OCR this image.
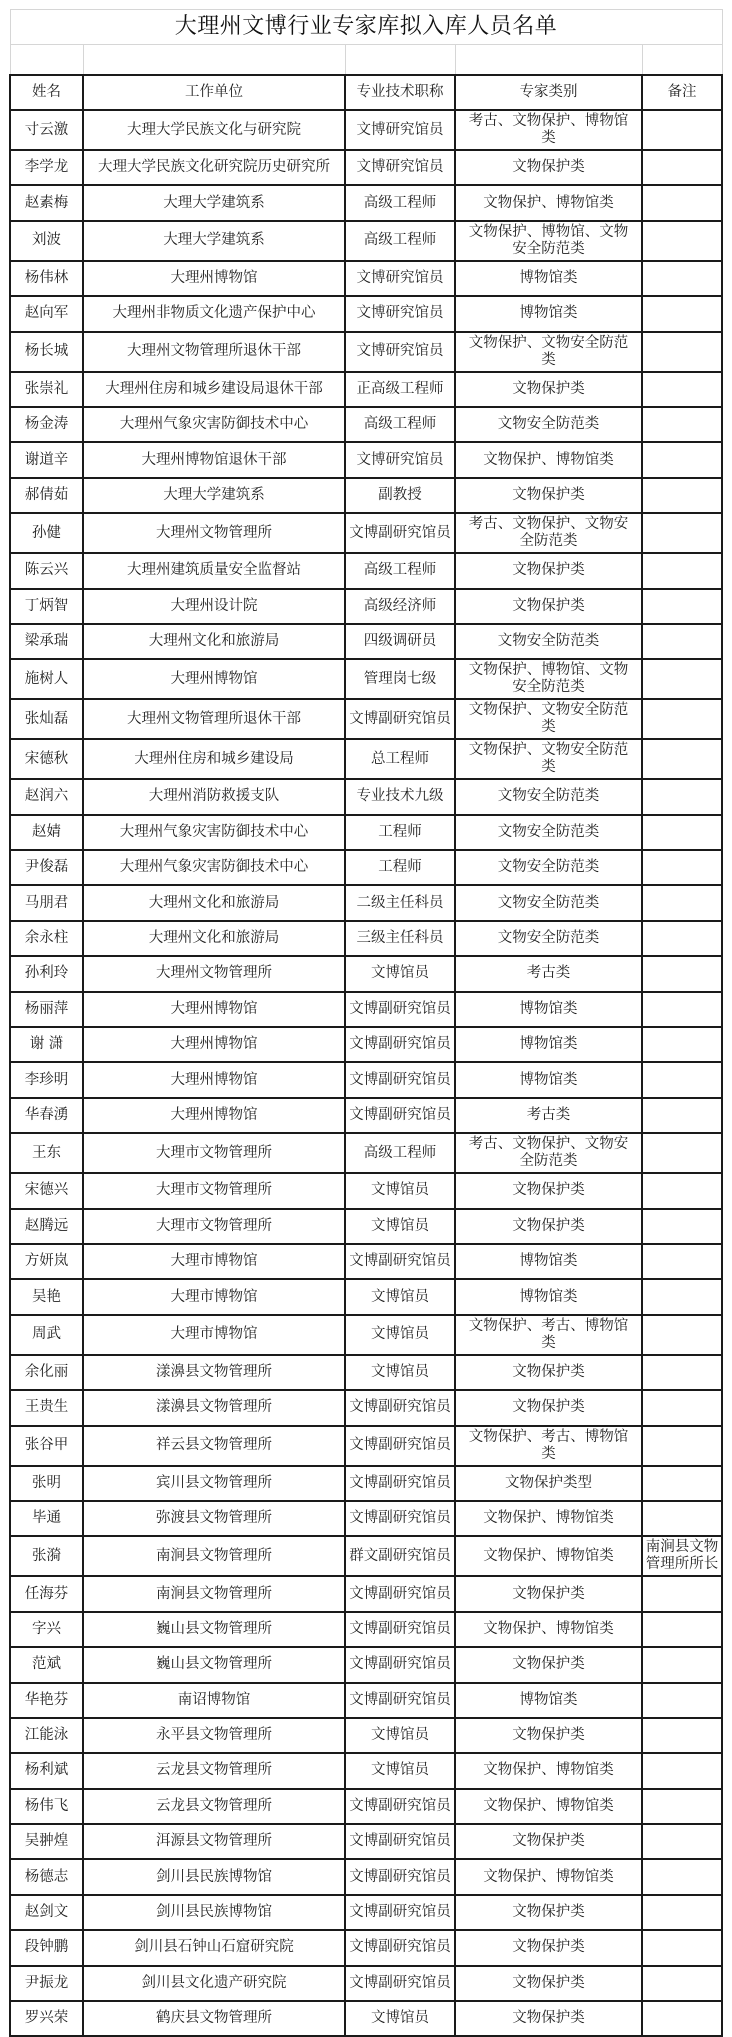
大理州文博行业专家库拟入库人员名单				

姓名	工作单位	专业技术职称	专家类别	备注
寸云激	大理大学民族文化与研究院	文博研究馆员	考古、文物保护、博物馆类	
李学龙	大理大学民族文化研究院历史研究所	文博研究馆员	文物保护类	
赵素梅	大理大学建筑系	高级工程师	文物保护、博物馆类	
刘波	大理大学建筑系	高级工程师	文物保护、博物馆、文物安全防范类	
杨伟林	大理州博物馆	文博研究馆员	博物馆类	
赵向军	大理州非物质文化遗产保护中心	文博研究馆员	博物馆类	
杨长城	大理州文物管理所退休干部	文博研究馆员	文物保护、文物安全防范类	
张崇礼	大理州住房和城乡建设局退休干部	正高级工程师	文物保护类	
杨金涛	大理州气象灾害防御技术中心	高级工程师	文物安全防范类	
谢道辛	大理州博物馆退休干部	文博研究馆员	文物保护、博物馆类	
郝倩茹	大理大学建筑系	副教授	文物保护类	
孙健	大理州文物管理所	文博副研究馆员	考古、文物保护、文物安全防范类	
陈云兴	大理州建筑质量安全监督站	高级工程师	文物保护类	
丁炳智	大理州设计院	高级经济师	文物保护类	
梁承瑞	大理州文化和旅游局	四级调研员	文物安全防范类	
施树人	大理州博物馆	管理岗七级	文物保护、博物馆、文物安全防范类	
张灿磊	大理州文物管理所退休干部	文博副研究馆员	文物保护、文物安全防范类	
宋德秋	大理州住房和城乡建设局	总工程师	文物保护、文物安全防范类	
赵润六	大理州消防救援支队	专业技术九级	文物安全防范类	
赵婧	大理州气象灾害防御技术中心	工程师	文物安全防范类	
尹俊磊	大理州气象灾害防御技术中心	工程师	文物安全防范类	
马朋君	大理州文化和旅游局	二级主任科员	文物安全防范类	
余永柱	大理州文化和旅游局	三级主任科员	文物安全防范类	
孙利玲	大理州文物管理所	文博馆员	考古类	
杨丽萍	大理州博物馆	文博副研究馆员	博物馆类	
谢 潇	大理州博物馆	文博副研究馆员	博物馆类	
李珍明	大理州博物馆	文博副研究馆员	博物馆类	
华春湧	大理州博物馆	文博副研究馆员	考古类	
王东	大理市文物管理所	高级工程师	考古、文物保护、文物安全防范类	
宋德兴	大理市文物管理所	文博馆员	文物保护类	
赵腾远	大理市文物管理所	文博馆员	文物保护类	
方妍岚	大理市博物馆	文博副研究馆员	博物馆类	
吴艳	大理市博物馆	文博馆员	博物馆类	
周武	大理市博物馆	文博馆员	文物保护、考古、博物馆类	
余化丽	漾濞县文物管理所	文博馆员	文物保护类	
王贵生	漾濞县文物管理所	文博副研究馆员	文物保护类	
张谷甲	祥云县文物管理所	文博副研究馆员	文物保护、考古、博物馆类	
张明	宾川县文物管理所	文博副研究馆员	文物保护类型	
毕通	弥渡县文物管理所	文博副研究馆员	文物保护、博物馆类	
张漪	南涧县文物管理所	群文副研究馆员	文物保护、博物馆类	南涧县文物管理所所长
任海芬	南涧县文物管理所	文博副研究馆员	文物保护类	
字兴	巍山县文物管理所	文博副研究馆员	文物保护、博物馆类	
范斌	巍山县文物管理所	文博副研究馆员	文物保护类	
华艳芬	南诏博物馆	文博副研究馆员	博物馆类	
江能泳	永平县文物管理所	文博馆员	文物保护类	
杨利斌	云龙县文物管理所	文博馆员	文物保护、博物馆类	
杨伟飞	云龙县文物管理所	文博副研究馆员	文物保护、博物馆类	
吴翀煌	洱源县文物管理所	文博副研究馆员	文物保护类	
杨德志	剑川县民族博物馆	文博副研究馆员	文物保护、博物馆类	
赵剑文	剑川县民族博物馆	文博副研究馆员	文物保护类	
段钟鹏	剑川县石钟山石窟研究院	文博副研究馆员	文物保护类	
尹振龙	剑川县文化遗产研究院	文博副研究馆员	文物保护类	
罗兴荣	鹤庆县文物管理所	文博馆员	文物保护类	
